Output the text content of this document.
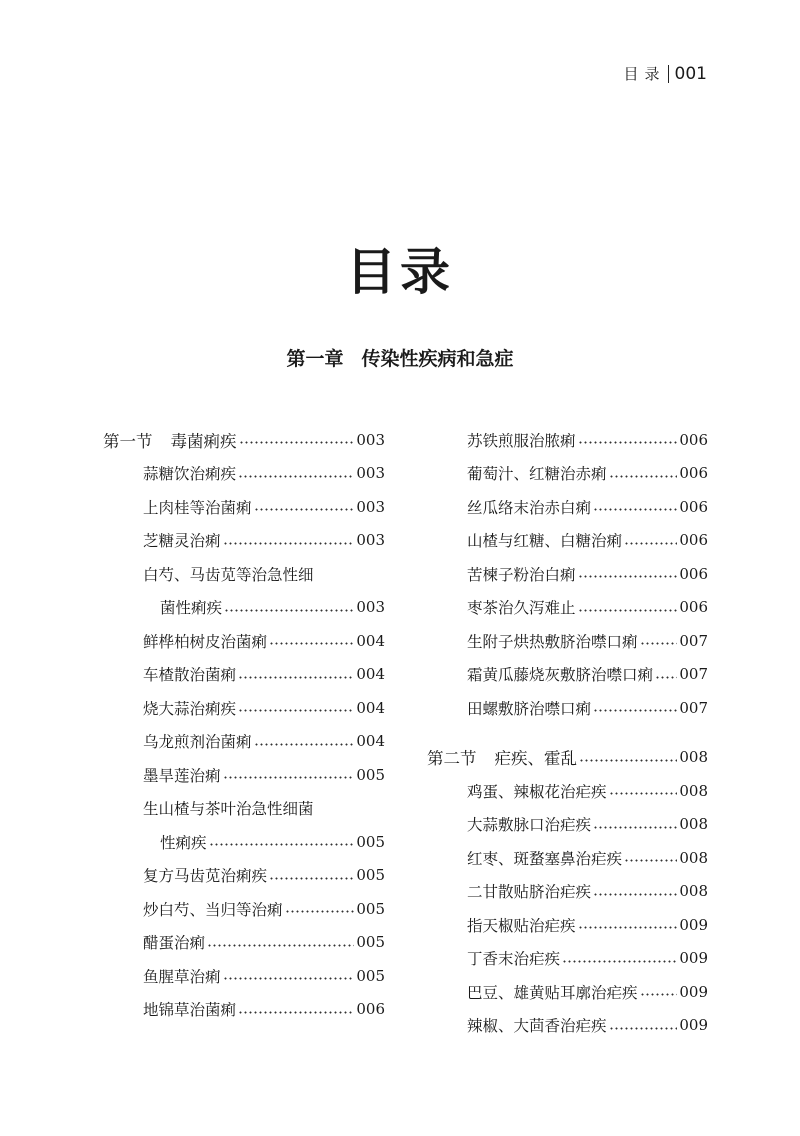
目录 001
目录
第一章 传染性疾病和急症
第一节 毒菌痢疾	003
蒜糖饮治痢疾	003
上肉桂等治菌痢	003
芝糖灵治痢	003
白芍、马齿苋等治急性细
菌性痢疾	003
鲜桦柏树皮治菌痢	004
车楂散治菌痢	004
烧大蒜治痢疾	004
乌龙煎剂治菌痢	004
墨旱莲治痢	005
生山楂与茶叶治急性细菌
性痢疾	005
复方马齿苋治痢疾	005
炒白芍、当归等治痢	005
醋蛋治痢	005
鱼腥草治痢	005
地锦草治菌痢	006
苏铁煎服治脓痢	006
葡萄汁、红糖治赤痢	006
丝瓜络末治赤白痢	006
山楂与红糖、白糖治痢	006
苦楝子粉治白痢	006
枣茶治久泻难止	006
生附子烘热敷脐治噤口痢	007
霜黄瓜藤烧灰敷脐治噤口痢 007
田螺敷脐治噤口痢	007
第二节 疟疾、霍乱	008
鸡蛋、辣椒花治疟疾	008
大蒜敷脉口治疟疾	008
红枣、斑蝥塞鼻治疟疾	008
二甘散贴脐治疟疾	008
指天椒贴治疟疾	009
丁香末治疟疾	009
巴豆、雄黄贴耳廓治疟疾	009
辣椒、大茴香治疟疾	009
